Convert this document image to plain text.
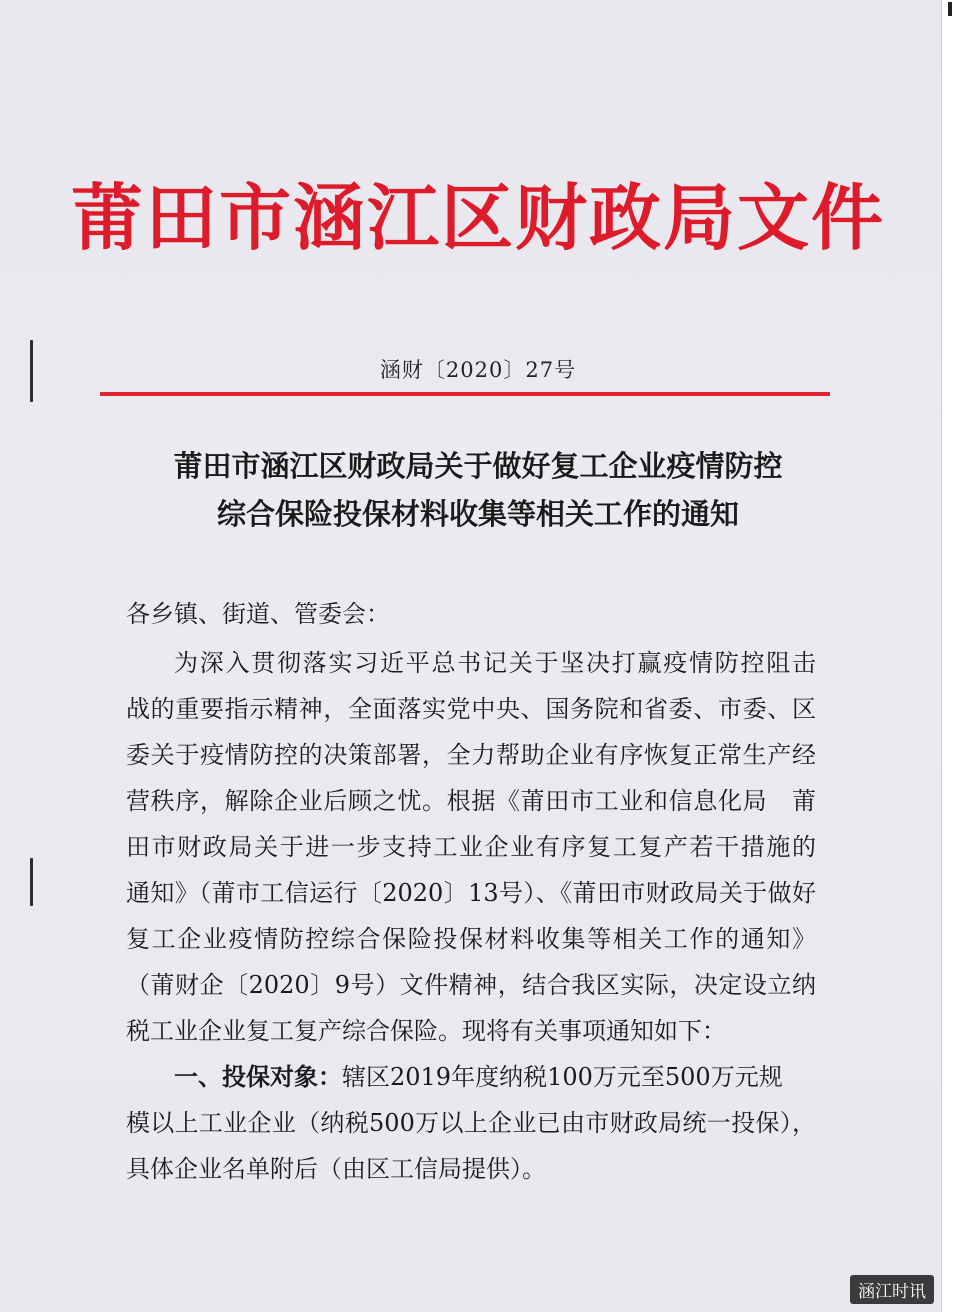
莆田市涵江区财政局文件
涵财〔2020〕27号
莆田市涵江区财政局关于做好复工企业疫情防控
综合保险投保材料收集等相关工作的通知
各乡镇、街道、管委会：
为深入贯彻落实习近平总书记关于坚决打赢疫情防控阻击
战的重要指示精神，全面落实党中央、国务院和省委、市委、区
委关于疫情防控的决策部署，全力帮助企业有序恢复正常生产经
营秩序，解除企业后顾之忧。根据《莆田市工业和信息化局　莆
田市财政局关于进一步支持工业企业有序复工复产若干措施的
通知》（莆市工信运行〔2020〕13号）、《莆田市财政局关于做好
复工企业疫情防控综合保险投保材料收集等相关工作的通知》
（莆财企〔2020〕9号）文件精神，结合我区实际，决定设立纳
税工业企业复工复产综合保险。现将有关事项通知如下：
一、投保对象：辖区2019年度纳税100万元至500万元规
模以上工业企业（纳税500万以上企业已由市财政局统一投保），
具体企业名单附后（由区工信局提供）。
涵江时讯
